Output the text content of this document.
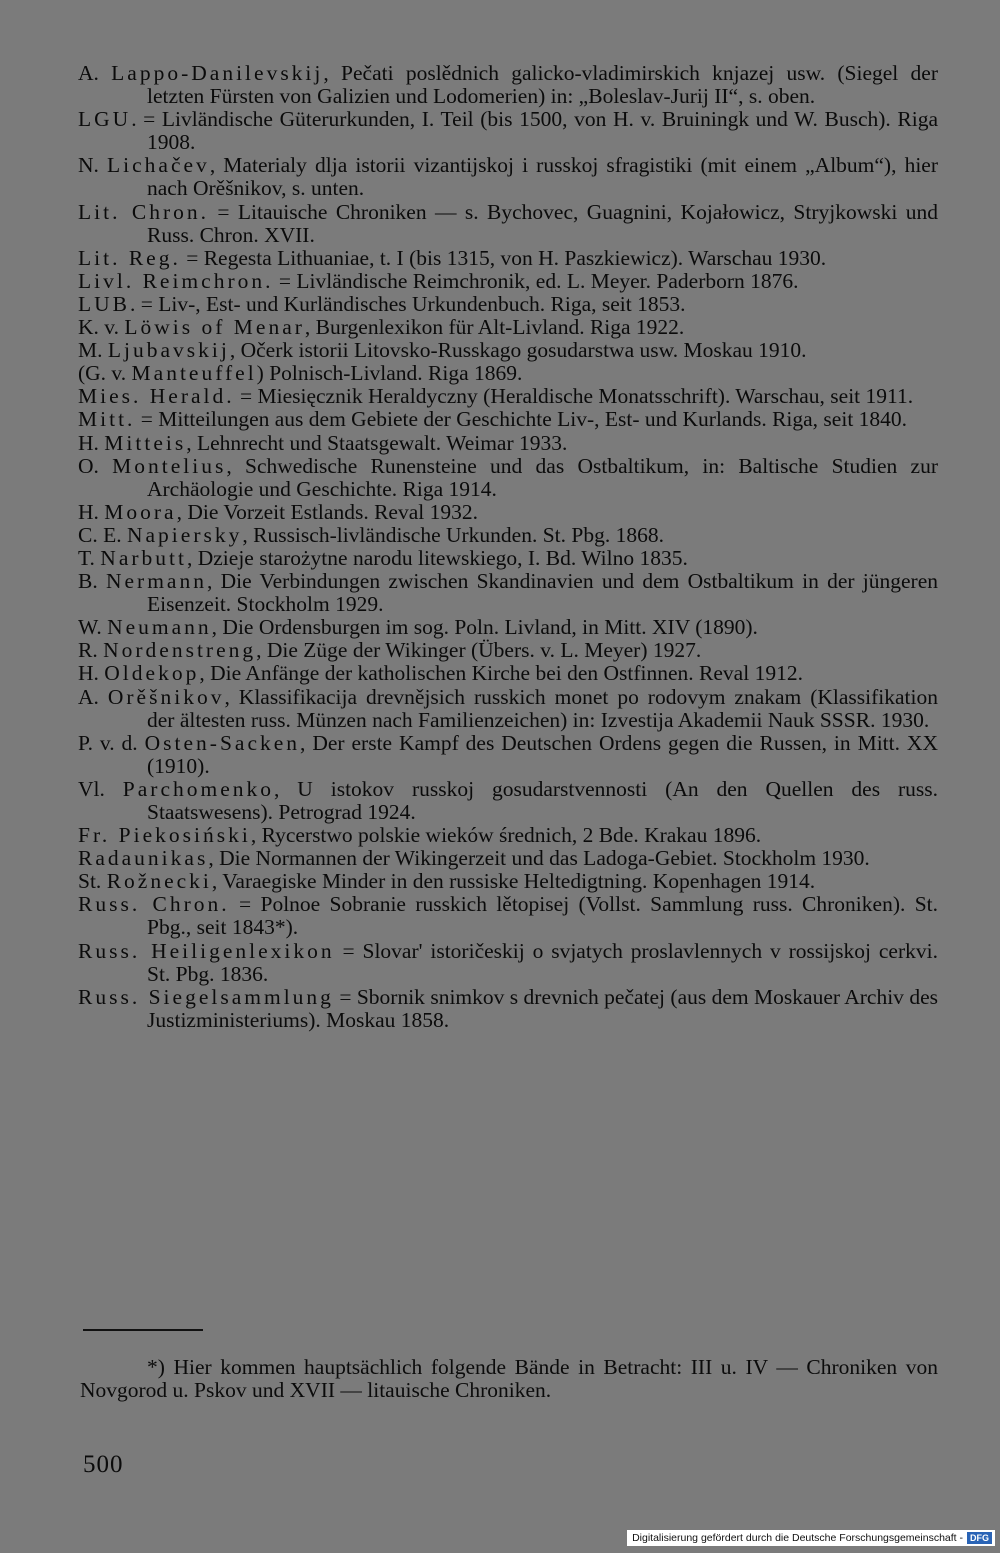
A. Lappo-Danilevskij, Pečati poslědnich galicko-vladimirskich knjazej usw. (Siegel der letzten Fürsten von Galizien und Lodomerien) in: „Boleslav-Jurij II“, s. oben.
LGU. = Livländische Güterurkunden, I. Teil (bis 1500, von H. v. Bruiningk und W. Busch). Riga 1908.
N. Lichačev, Materialy dlja istorii vizantijskoj i russkoj sfragistiki (mit einem „Album“), hier nach Orěšnikov, s. unten.
Lit. Chron. = Litauische Chroniken — s. Bychovec, Guagnini, Kojałowicz, Stryjkowski und Russ. Chron. XVII.
Lit. Reg. = Regesta Lithuaniae, t. I (bis 1315, von H. Paszkiewicz). Warschau 1930.
Livl. Reimchron. = Livländische Reimchronik, ed. L. Meyer. Paderborn 1876.
LUB. = Liv-, Est- und Kurländisches Urkundenbuch. Riga, seit 1853.
K. v. Löwis of Menar, Burgenlexikon für Alt-Livland. Riga 1922.
M. Ljubavskij, Očerk istorii Litovsko-Russkago gosudarstwa usw. Moskau 1910.
(G. v. Manteuffel) Polnisch-Livland. Riga 1869.
Mies. Herald. = Miesięcznik Heraldyczny (Heraldische Monatsschrift). Warschau, seit 1911.
Mitt. = Mitteilungen aus dem Gebiete der Geschichte Liv-, Est- und Kurlands. Riga, seit 1840.
H. Mitteis, Lehnrecht und Staatsgewalt. Weimar 1933.
O. Montelius, Schwedische Runensteine und das Ostbaltikum, in: Baltische Studien zur Archäologie und Geschichte. Riga 1914.
H. Moora, Die Vorzeit Estlands. Reval 1932.
C. E. Napiersky, Russisch-livländische Urkunden. St. Pbg. 1868.
T. Narbutt, Dzieje starożytne narodu litewskiego, I. Bd. Wilno 1835.
B. Nermann, Die Verbindungen zwischen Skandinavien und dem Ostbaltikum in der jüngeren Eisenzeit. Stockholm 1929.
W. Neumann, Die Ordensburgen im sog. Poln. Livland, in Mitt. XIV (1890).
R. Nordenstreng, Die Züge der Wikinger (Übers. v. L. Meyer) 1927.
H. Oldekop, Die Anfänge der katholischen Kirche bei den Ostfinnen. Reval 1912.
A. Orěšnikov, Klassifikacija drevnějsich russkich monet po rodovym znakam (Klassifikation der ältesten russ. Münzen nach Familienzeichen) in: Izvestija Akademii Nauk SSSR. 1930.
P. v. d. Osten-Sacken, Der erste Kampf des Deutschen Ordens gegen die Russen, in Mitt. XX (1910).
Vl. Parchomenko, U istokov russkoj gosudarstvennosti (An den Quellen des russ. Staatswesens). Petrograd 1924.
Fr. Piekosiński, Rycerstwo polskie wieków średnich, 2 Bde. Krakau 1896.
Radaunikas, Die Normannen der Wikingerzeit und das Ladoga-Gebiet. Stockholm 1930.
St. Rožnecki, Varaegiske Minder in den russiske Heltedigtning. Kopenhagen 1914.
Russ. Chron. = Polnoe Sobranie russkich lětopisej (Vollst. Sammlung russ. Chroniken). St. Pbg., seit 1843*).
Russ. Heiligenlexikon = Slovar' istoričeskij o svjatych proslavlennych v rossijskoj cerkvi. St. Pbg. 1836.
Russ. Siegelsammlung = Sbornik snimkov s drevnich pečatej (aus dem Moskauer Archiv des Justizministeriums). Moskau 1858.
*) Hier kommen hauptsächlich folgende Bände in Betracht: III u. IV — Chroniken von Novgorod u. Pskov und XVII — litauische Chroniken.
500
Digitalisierung gefördert durch die Deutsche Forschungsgemeinschaft - DFG
